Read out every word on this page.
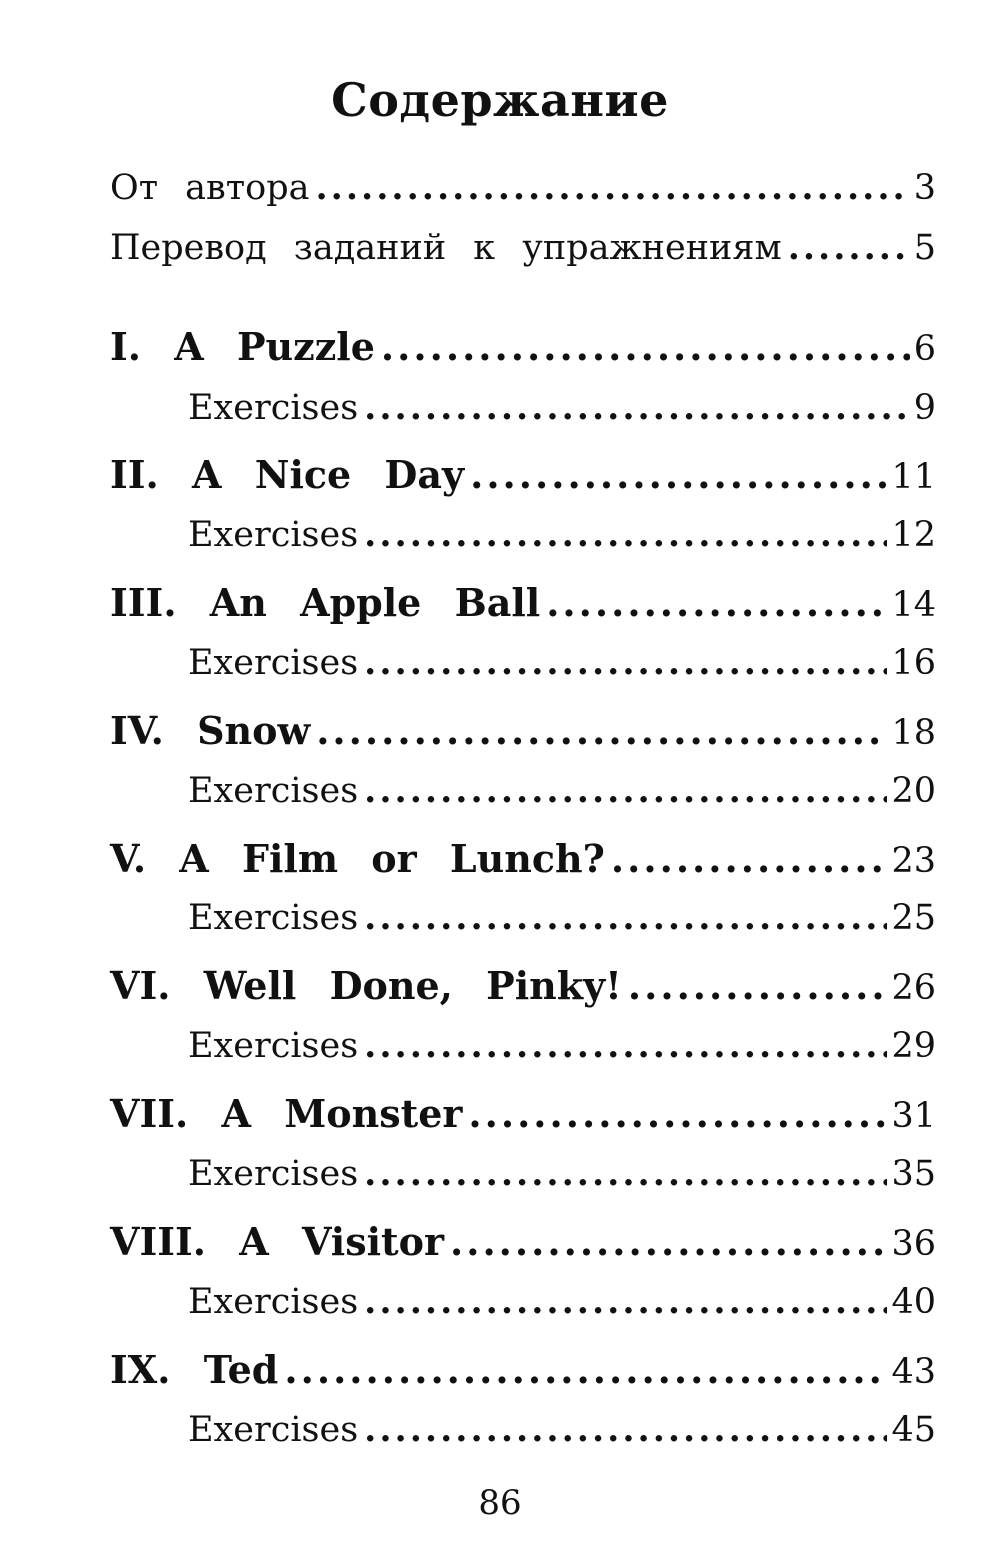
Содержание
От автора .....	3
Перевод заданий к упражнениям .....	5
I. A Puzzle .....	6
Exercises .....	9
II. A Nice Day .....	11
Exercises .....	12
III. An Apple Ball .....	14
Exercises .....	16
IV. Snow .....	18
Exercises .....	20
V. A Film or Lunch? .....	23
Exercises .....	25
VI. Well Done, Pinky! .....	26
Exercises .....	29
VII. A Monster .....	31
Exercises .....	35
VIII. A Visitor .....	36
Exercises .....	40
IX. Ted .....	43
Exercises .....	45
86
